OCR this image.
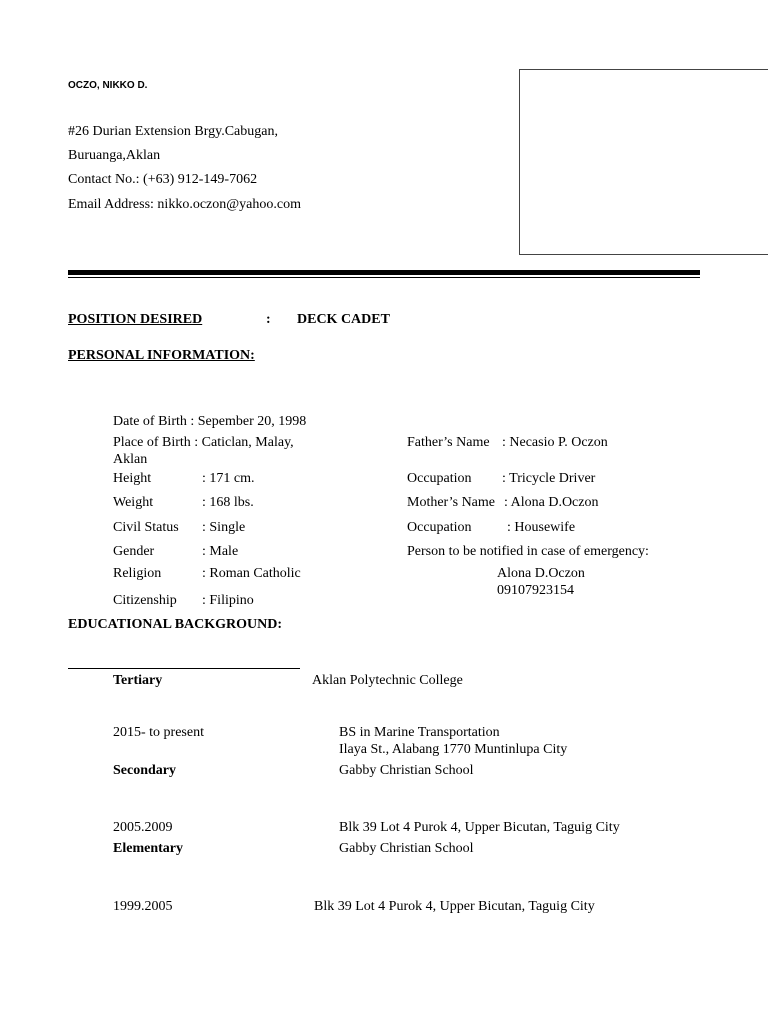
OCZO, NIKKO D.
#26 Durian Extension Brgy.Cabugan,
Buruanga,Aklan
Contact No.: (+63) 912-149-7062
Email Address: nikko.oczon@yahoo.com
POSITION DESIRED	: DECK CADET
PERSONAL INFORMATION:
Date of Birth : Sepember 20, 1998
Place of Birth : Caticlan, Malay,
Aklan
Height	: 171 cm.
Weight	: 168 lbs.
Civil Status : Single
Gender	: Male
Religion	: Roman Catholic
Citizenship : Filipino
Father’s Name : Necasio P. Oczon
Occupation : Tricycle Driver
Mother’s Name : Alona D.Oczon
Occupation	: Housewife
Person to be notified in case of emergency:
Alona D.Oczon
09107923154
EDUCATIONAL BACKGROUND:
Tertiary	Aklan Polytechnic College
2015- to present	BS in Marine Transportation
Ilaya St., Alabang 1770 Muntinlupa City
Secondary	Gabby Christian School
2005.2009	Blk 39 Lot 4 Purok 4, Upper Bicutan, Taguig City
Elementary	Gabby Christian School
1999.2005	Blk 39 Lot 4 Purok 4, Upper Bicutan, Taguig City
